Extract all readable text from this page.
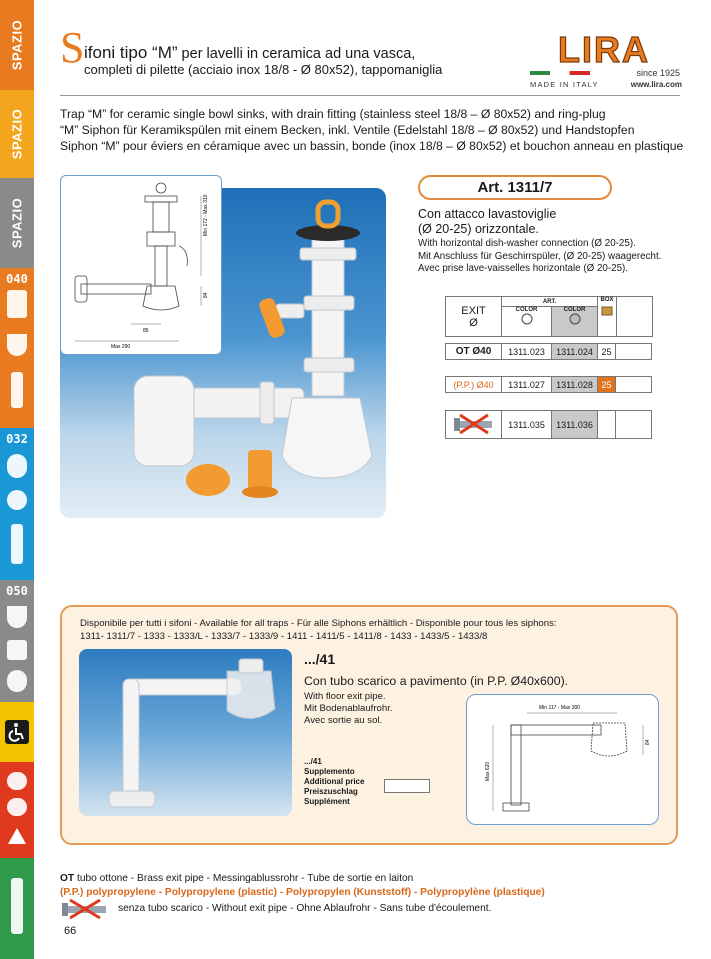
SPAZIO
SPAZIO
SPAZIO
040
032
050
S ifoni tipo “M” per lavelli in ceramica ad una vasca,
completi di pilette (acciaio inox 18/8 - Ø 80x52), tappomaniglia	LIRA
since 1925
MADE IN ITALY	www.lira.com
Trap “M” for ceramic single bowl sinks, with drain fitting (stainless steel 18/8 – Ø 80x52) and ring-plug
“M” Siphon für Keramikspülen mit einem Becken, inkl. Ventile (Edelstahl 18/8 – Ø 80x52) und Handstopfen
Siphon “M” pour éviers en céramique avec un bassin, bonde (inox 18/8 – Ø 80x52) et bouchon anneau en plastique
Min 172 - Max 310
84
85
Max 290
Art. 1311/7
Con attacco lavastoviglie
(Ø 20-25) orizzontale.
With horizontal dish-washer connection (Ø 20-25).
Mit Anschluss für Geschirrspüler, (Ø 20-25) waagerecht.
Avec prise lave-vaisselles horizontale (Ø 20-25).
EXIT
Ø	ART.		BOX	

	COLOR	COLOR		
OT Ø40	1311.023	1311.024	25	
(P.P.) Ø40	1311.027	1311.028	25	
	1311.035	1311.036		
Disponibile per tutti i sifoni - Available for all traps - Für alle Siphons erhältlich - Disponible pour tous les siphons:
1311- 1311/7 - 1333 - 1333/L - 1333/7 - 1333/9 - 1411 - 1411/5 - 1411/8 - 1433 - 1433/5 - 1433/8
.../41
Con tubo scarico a pavimento (in P.P. Ø40x600).
With floor exit pipe.
Mit Bodenablaufrohr.
Avec sortie au sol.
.../41
Supplemento
Additional price
Preiszuschlag
Supplément
Min 117 - Max 300
84
Max 620
OT tubo ottone - Brass exit pipe - Messingablussrohr - Tube de sortie en laiton
(P.P.) polypropylene - Polypropylene (plastic) - Polypropylen (Kunststoff) - Polypropylène (plastique)
senza tubo scarico - Without exit pipe - Ohne Ablaufrohr - Sans tube d'écoulement.
66
